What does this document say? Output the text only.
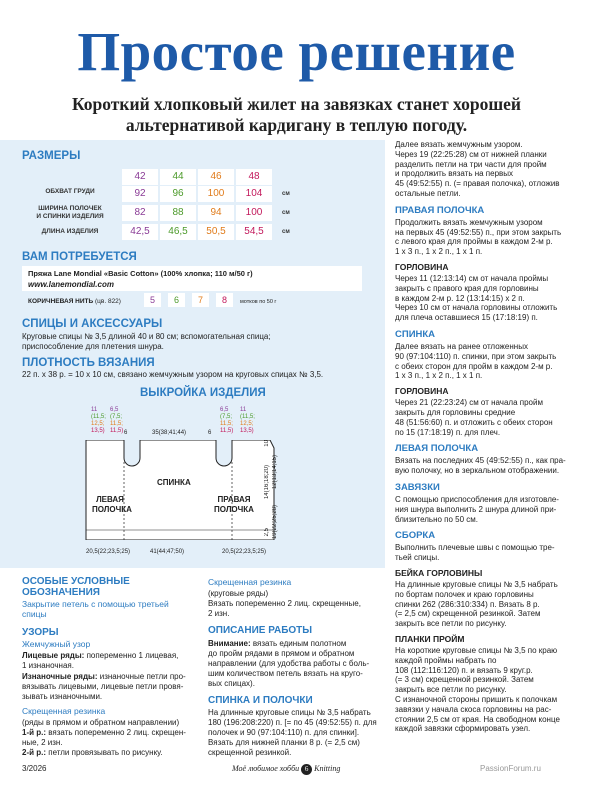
Простое решение
Короткий хлопковый жилет на завязках станет хорошей
альтернативой кардигану в теплую погоду.
РАЗМЕРЫ
42	44	46	48
ОБХВАТ ГРУДИ	92	96	100	104	см
ШИРИНА ПОЛОЧЕК
И СПИНКИ ИЗДЕЛИЯ	82	88	94	100	см
ДЛИНА ИЗДЕЛИЯ	42,5	46,5	50,5	54,5	см
ВАМ ПОТРЕБУЕТСЯ
Пряжа Lane Mondial «Basic Cotton» (100% хлопка; 110 м/50 г)
www.lanemondial.com
КОРИЧНЕВАЯ НИТЬ (цв. 822)	5	6	7	8	мотков по 50 г
СПИЦЫ И АКСЕССУАРЫ
Круговые спицы № 3,5 длиной 40 и 80 см; вспомогательная спица;
приспособление для плетения шнура.
ПЛОТНОСТЬ ВЯЗАНИЯ
22 п. х 38 р. = 10 х 10 см, связано жемчужным узором на круговых спицах № 3,5.
ВЫКРОЙКА ИЗДЕЛИЯ
СПИНКА
ЛЕВАЯ
ПОЛОЧКА
ПРАВАЯ
ПОЛОЧКА
11
(11,5;
12,5;
13,5)
6,5
(7,5;
11,5;
11,5) 6	35(38;41;44)	6
6,5
(7,5;
11,5;
11,5)
11
(11,5;
12,5;
13,5)
10
14(16;18;20) 12(13;14;15)
2,5 19(22;25;28)
20,5(22;23,5;25)	41(44;47;50)	20,5(22;23,5;25)
ОСОБЫЕ УСЛОВНЫЕ
ОБОЗНАЧЕНИЯ
Закрытие петель с помощью третьей
спицы
УЗОРЫ
Жемчужный узор
Лицевые ряды: попеременно 1 лицевая,
1 изнаночная.
Изнаночные ряды: изнаночные петли про-
вязывать лицевыми, лицевые петли провя-
зывать изнаночными.
Скрещенная резинка
(ряды в прямом и обратном направлении)
1-й р.: вязать попеременно 2 лиц. скрещен-
ные, 2 изн.
2-й р.: петли провязывать по рисунку.
Скрещенная резинка
(круговые ряды)
Вязать попеременно 2 лиц. скрещенные,
2 изн.
ОПИСАНИЕ РАБОТЫ
Внимание: вязать единым полотном
до пройм рядами в прямом и обратном
направлении (для удобства работы с боль-
шим количеством петель вязать на круго-
вых спицах).
СПИНКА И ПОЛОЧКИ
На длинные круговые спицы № 3,5 набрать
180 (196:208:220) п. [= по 45 (49:52:55) п. для
полочек и 90 (97:104:110) п. для спинки].
Вязать для нижней планки 8 р. (= 2,5 см)
скрещенной резинкой.
Далее вязать жемчужным узором.
Через 19 (22:25:28) см от нижней планки
разделить петли на три части для пройм
и продолжить вязать на первых
45 (49:52:55) п. (= правая полочка), отложив
остальные петли.
ПРАВАЯ ПОЛОЧКА
Продолжить вязать жемчужным узором
на первых 45 (49:52:55) п., при этом закрыть
с левого края для проймы в каждом 2-м р.
1 х 3 п., 1 х 2 п., 1 х 1 п.
ГОРЛОВИНА
Через 11 (12:13:14) см от начала проймы
закрыть с правого края для горловины
в каждом 2-м р. 12 (13:14:15) х 2 п.
Через 10 см от начала горловины отложить
для плеча оставшиеся 15 (17:18:19) п.
СПИНКА
Далее вязать на ранее отложенных
90 (97:104:110) п. спинки, при этом закрыть
с обеих сторон для пройм в каждом 2-м р.
1 х 3 п., 1 х 2 п., 1 х 1 п.
ГОРЛОВИНА
Через 21 (22:23:24) см от начала пройм
закрыть для горловины средние
48 (51:56:60) п. и отложить с обеих сторон
по 15 (17:18:19) п. для плеч.
ЛЕВАЯ ПОЛОЧКА
Вязать на последних 45 (49:52:55) п., как пра-
вую полочку, но в зеркальном отображении.
ЗАВЯЗКИ
С помощью приспособления для изготовле-
ния шнура выполнить 2 шнура длиной при-
близительно по 50 см.
СБОРКА
Выполнить плечевые швы с помощью тре-
тьей спицы.
БЕЙКА ГОРЛОВИНЫ
На длинные круговые спицы № 3,5 набрать
по бортам полочек и краю горловины
спинки 262 (286:310:334) п. Вязать 8 р.
(= 2,5 см) скрещенной резинкой. Затем
закрыть все петли по рисунку.
ПЛАНКИ ПРОЙМ
На короткие круговые спицы № 3,5 по краю
каждой проймы набрать по
108 (112:116:120) п. и вязать 9 круг.р.
(= 3 см) скрещенной резинкой. Затем
закрыть все петли по рисунку.
С изнаночной стороны пришить к полочкам
завязки у начала скоса горловины на рас-
стоянии 2,5 см от края. На свободном конце
каждой завязки сформировать узел.
3/2026	Моё любимое хобби 6 Knitting	PassionForum.ru
